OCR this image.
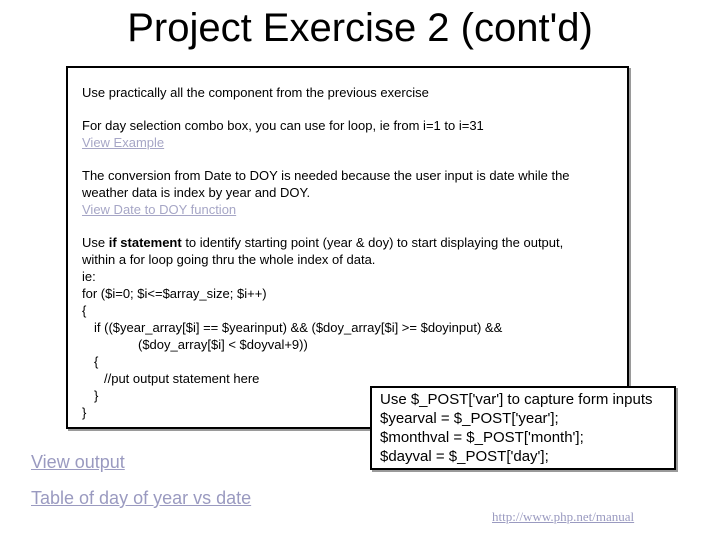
Project Exercise 2 (cont'd)
Use practically all the component from the previous exercise
For day selection combo box, you can use for loop, ie from i=1 to i=31
View Example
The conversion from Date to DOY is needed because the user input is date while the
weather data is index by year and DOY.
View Date to DOY function
Use if statement to identify starting point (year & doy) to start displaying the output,
within a for loop going thru the whole index of data.
ie:
for ($i=0; $i<=$array_size; $i++)
{
if (($year_array[$i] == $yearinput) && ($doy_array[$i] >= $doyinput) &&
($doy_array[$i] < $doyval+9))
{
//put output statement here
}
}
Use $_POST['var'] to capture form inputs
$yearval = $_POST['year'];
$monthval = $_POST['month'];
$dayval = $_POST['day'];
View output
Table of day of year vs date
http://www.php.net/manual
